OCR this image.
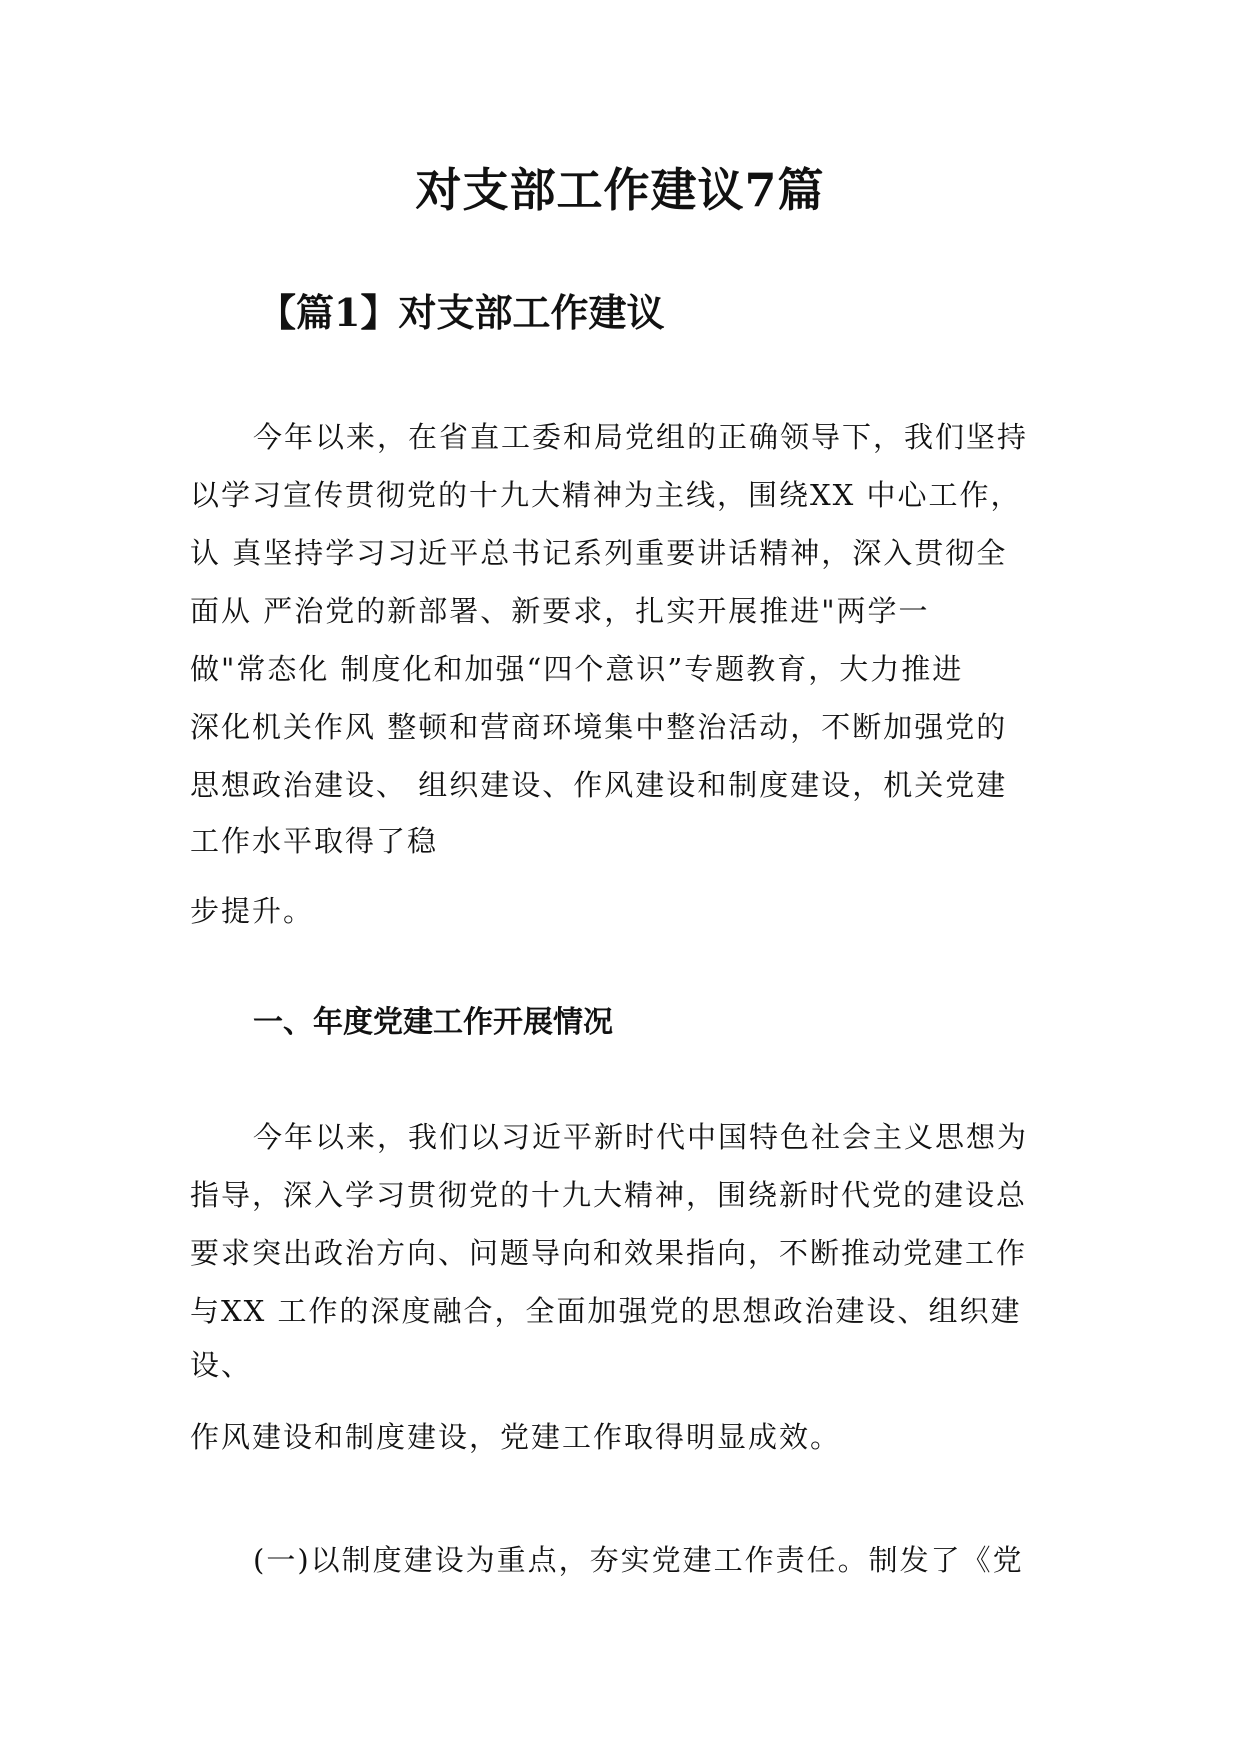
对支部工作建议7篇
【篇1】对支部工作建议
今年以来，在省直工委和局党组的正确领导下，我们坚持
以学习宣传贯彻党的十九大精神为主线，围绕XX 中心工作，
认 真坚持学习习近平总书记系列重要讲话精神，深入贯彻全
面从 严治党的新部署、新要求，扎实开展推进"两学一
做"常态化 制度化和加强“四个意识”专题教育，大力推进
深化机关作风 整顿和营商环境集中整治活动，不断加强党的
思想政治建设、 组织建设、作风建设和制度建设，机关党建
工作水平取得了稳
步提升。
一、年度党建工作开展情况
今年以来，我们以习近平新时代中国特色社会主义思想为
指导，深入学习贯彻党的十九大精神，围绕新时代党的建设总
要求突出政治方向、问题导向和效果指向，不断推动党建工作
与XX 工作的深度融合，全面加强党的思想政治建设、组织建
设、
作风建设和制度建设，党建工作取得明显成效。
(一)以制度建设为重点，夯实党建工作责任。制发了《党
